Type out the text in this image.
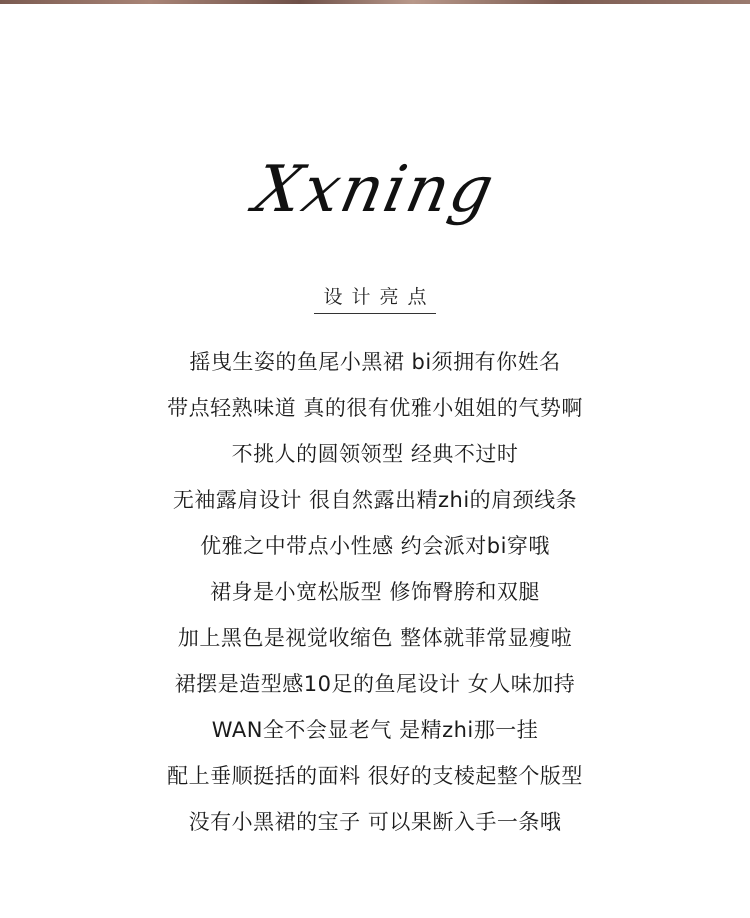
Xxning
设计亮点
摇曳生姿的鱼尾小黑裙 bi须拥有你姓名
带点轻熟味道 真的很有优雅小姐姐的气势啊
不挑人的圆领领型 经典不过时
无袖露肩设计 很自然露出精zhi的肩颈线条
优雅之中带点小性感 约会派对bi穿哦
裙身是小宽松版型 修饰臀胯和双腿
加上黑色是视觉收缩色 整体就菲常显瘦啦
裙摆是造型感10足的鱼尾设计 女人味加持
WAN全不会显老气 是精zhi那一挂
配上垂顺挺括的面料 很好的支棱起整个版型
没有小黑裙的宝子 可以果断入手一条哦
